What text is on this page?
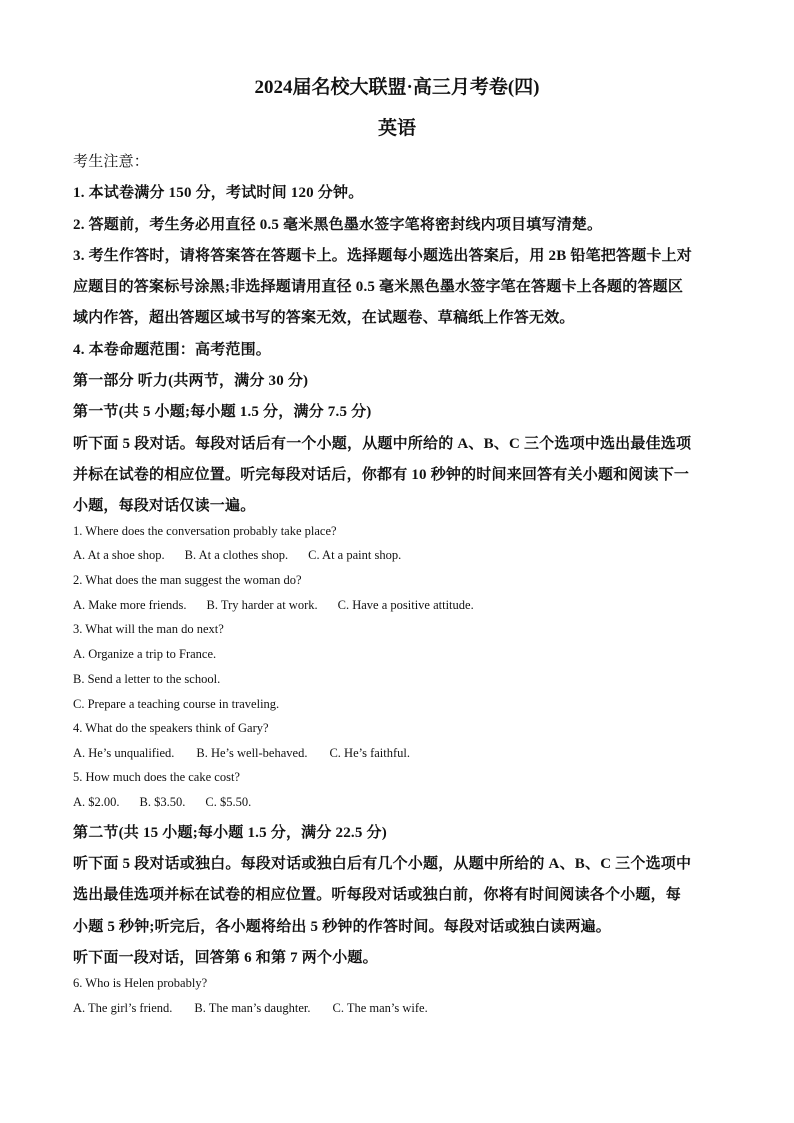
2024届名校大联盟·高三月考卷(四)
英语
考生注意：
1. 本试卷满分 150 分，考试时间 120 分钟。
2. 答题前，考生务必用直径 0.5 毫米黑色墨水签字笔将密封线内项目填写清楚。
3. 考生作答时，请将答案答在答题卡上。选择题每小题选出答案后，用 2B 铅笔把答题卡上对
应题目的答案标号涂黑;非选择题请用直径 0.5 毫米黑色墨水签字笔在答题卡上各题的答题区
域内作答，超出答题区域书写的答案无效，在试题卷、草稿纸上作答无效。
4. 本卷命题范围：高考范围。
第一部分 听力(共两节，满分 30 分)
第一节(共 5 小题;每小题 1.5 分，满分 7.5 分)
听下面 5 段对话。每段对话后有一个小题，从题中所给的 A、B、C 三个选项中选出最佳选项
并标在试卷的相应位置。听完每段对话后，你都有 10 秒钟的时间来回答有关小题和阅读下一
小题，每段对话仅读一遍。
1. Where does the conversation probably take place?
A. At a shoe shop. B. At a clothes shop. C. At a paint shop.
2. What does the man suggest the woman do?
A. Make more friends. B. Try harder at work. C. Have a positive attitude.
3. What will the man do next?
A. Organize a trip to France.
B. Send a letter to the school.
C. Prepare a teaching course in traveling.
4. What do the speakers think of Gary?
A. He’s unqualified. B. He’s well-behaved. C. He’s faithful.
5. How much does the cake cost?
A. $2.00. B. $3.50. C. $5.50.
第二节(共 15 小题;每小题 1.5 分，满分 22.5 分)
听下面 5 段对话或独白。每段对话或独白后有几个小题，从题中所给的 A、B、C 三个选项中
选出最佳选项并标在试卷的相应位置。听每段对话或独白前，你将有时间阅读各个小题，每
小题 5 秒钟;听完后，各小题将给出 5 秒钟的作答时间。每段对话或独白读两遍。
听下面一段对话，回答第 6 和第 7 两个小题。
6. Who is Helen probably?
A. The girl’s friend. B. The man’s daughter. C. The man’s wife.
